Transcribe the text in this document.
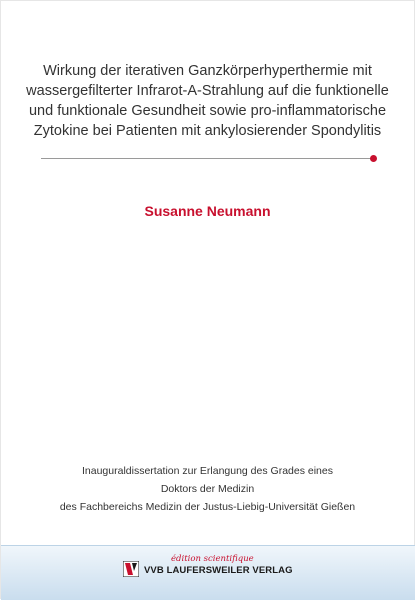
Wirkung der iterativen Ganzkörperhyperthermie mit
wassergefilterter Infrarot-A-Strahlung auf die funktionelle
und funktionale Gesundheit sowie pro-inflammatorische
Zytokine bei Patienten mit ankylosierender Spondylitis
Susanne Neumann
Inauguraldissertation zur Erlangung des Grades eines
Doktors der Medizin
des Fachbereichs Medizin der Justus-Liebig-Universität Gießen
édition scientifique
VVB LAUFERSWEILER VERLAG
